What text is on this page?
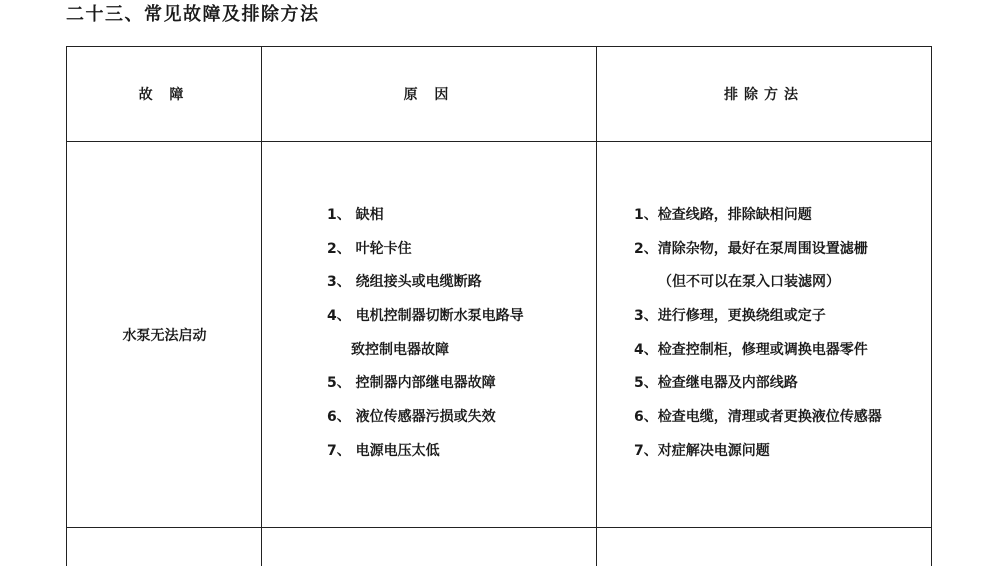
二十三、常见故障及排除方法
故 障	原 因	排除方法
水泵无法启动
1、 缺相
2、 叶轮卡住
3、 绕组接头或电缆断路
4、 电机控制器切断水泵电路导
致控制电器故障
5、 控制器内部继电器故障
6、 液位传感器污损或失效
7、 电源电压太低
1、检查线路，排除缺相问题
2、清除杂物，最好在泵周围设置滤栅
（但不可以在泵入口装滤网）
3、进行修理，更换绕组或定子
4、检查控制柜，修理或调换电器零件
5、检查继电器及内部线路
6、检查电缆，清理或者更换液位传感器
7、对症解决电源问题
